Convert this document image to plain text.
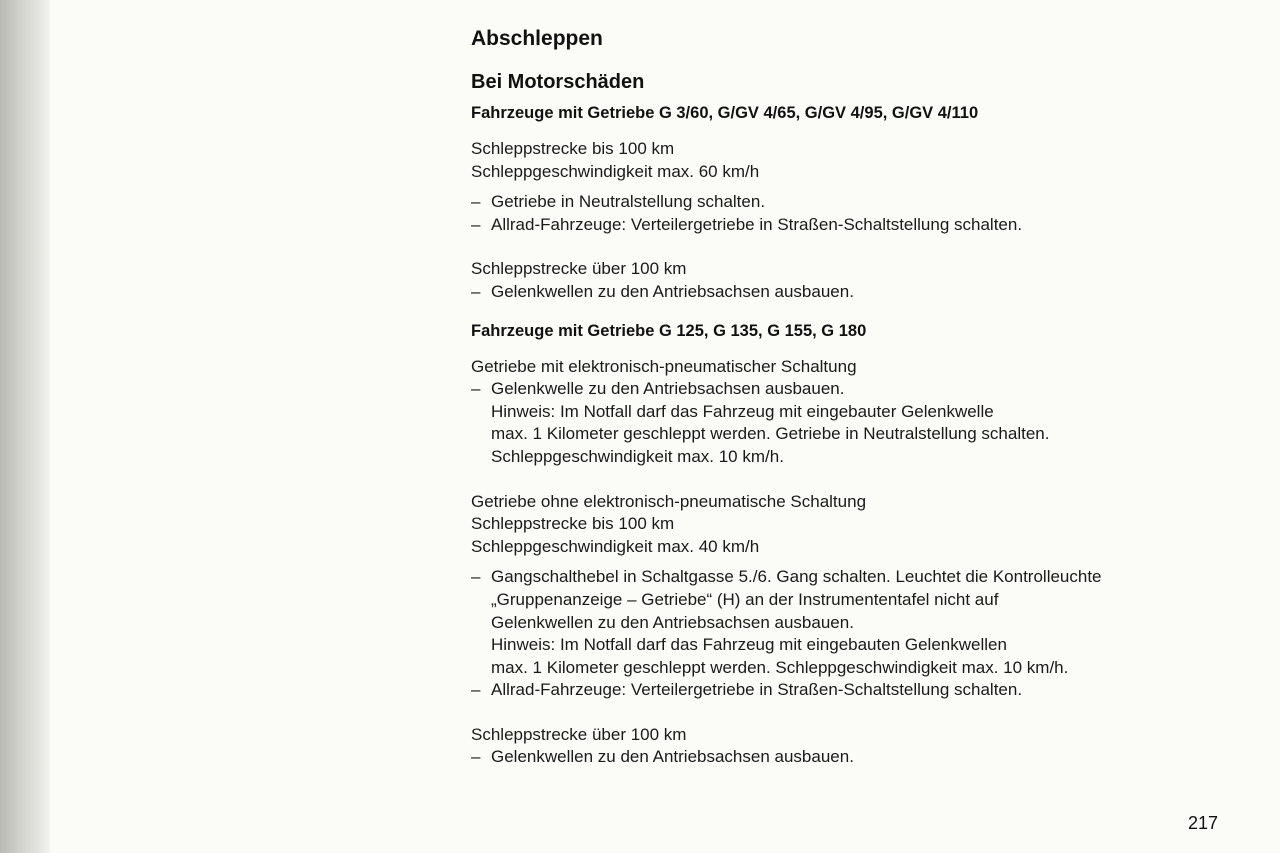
Abschleppen
Bei Motorschäden
Fahrzeuge mit Getriebe G 3/60, G/GV 4/65, G/GV 4/95, G/GV 4/110
Schleppstrecke bis 100 km
Schleppgeschwindigkeit max. 60 km/h
– Getriebe in Neutralstellung schalten.
– Allrad-Fahrzeuge: Verteilergetriebe in Straßen-Schaltstellung schalten.
Schleppstrecke über 100 km
– Gelenkwellen zu den Antriebsachsen ausbauen.
Fahrzeuge mit Getriebe G 125, G 135, G 155, G 180
Getriebe mit elektronisch-pneumatischer Schaltung
– Gelenkwelle zu den Antriebsachsen ausbauen.
Hinweis: Im Notfall darf das Fahrzeug mit eingebauter Gelenkwelle
max. 1 Kilometer geschleppt werden. Getriebe in Neutralstellung schalten.
Schleppgeschwindigkeit max. 10 km/h.
Getriebe ohne elektronisch-pneumatische Schaltung
Schleppstrecke bis 100 km
Schleppgeschwindigkeit max. 40 km/h
– Gangschalthebel in Schaltgasse 5./6. Gang schalten. Leuchtet die Kontrolleuchte
„Gruppenanzeige – Getriebe“ (H) an der Instrumententafel nicht auf
Gelenkwellen zu den Antriebsachsen ausbauen.
Hinweis: Im Notfall darf das Fahrzeug mit eingebauten Gelenkwellen
max. 1 Kilometer geschleppt werden. Schleppgeschwindigkeit max. 10 km/h.
– Allrad-Fahrzeuge: Verteilergetriebe in Straßen-Schaltstellung schalten.
Schleppstrecke über 100 km
– Gelenkwellen zu den Antriebsachsen ausbauen.
217
